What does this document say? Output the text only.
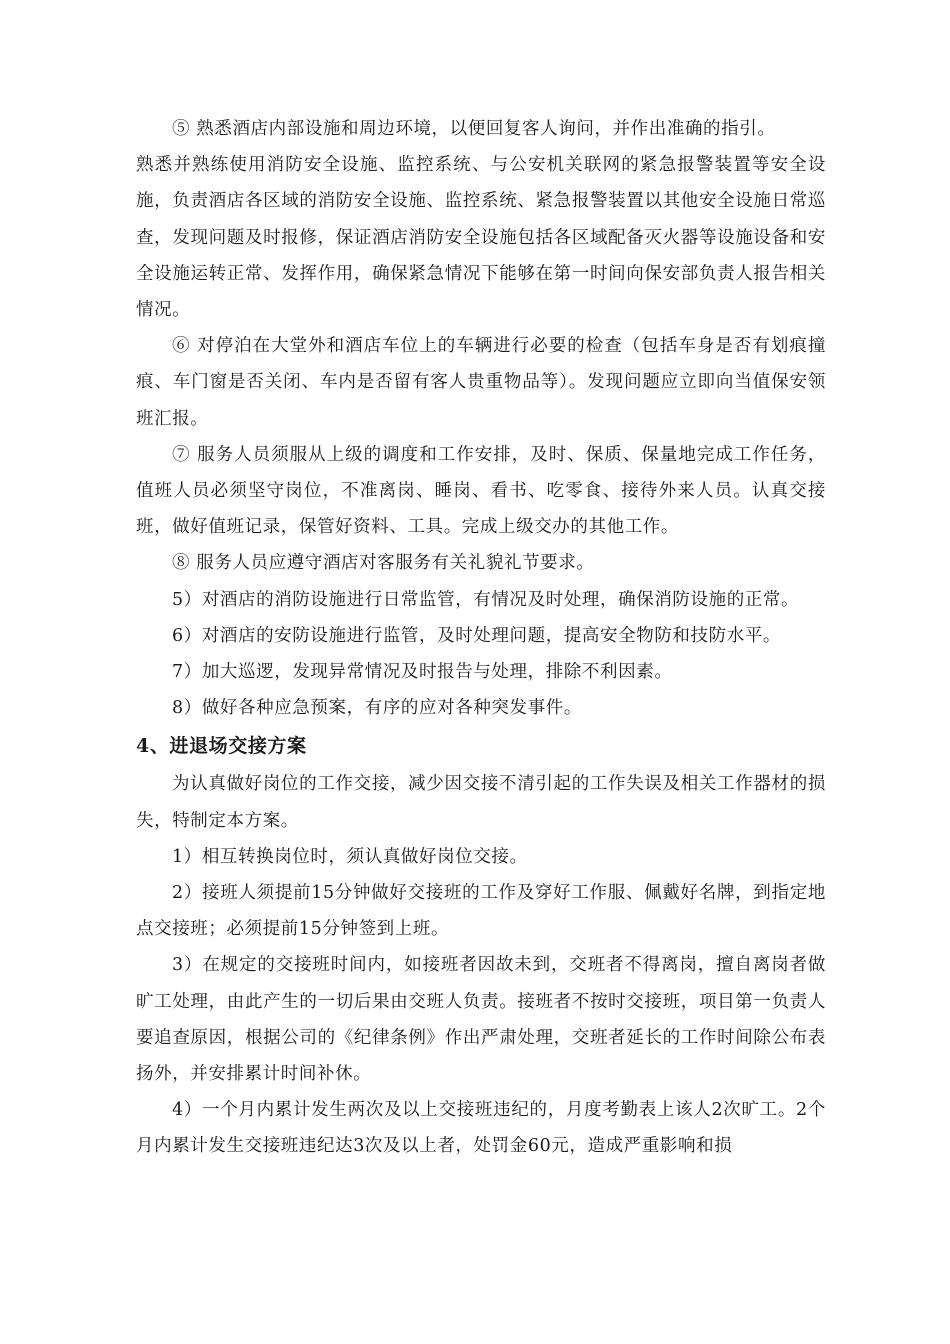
⑤ 熟悉酒店内部设施和周边环境，以便回复客人询问，并作出准确的指引。

熟悉并熟练使用消防安全设施、监控系统、与公安机关联网的紧急报警装置等安全设施，负责酒店各区域的消防安全设施、监控系统、紧急报警装置以其他安全设施日常巡查，发现问题及时报修，保证酒店消防安全设施包括各区域配备灭火器等设施设备和安全设施运转正常、发挥作用，确保紧急情况下能够在第一时间向保安部负责人报告相关情况。

⑥ 对停泊在大堂外和酒店车位上的车辆进行必要的检查（包括车身是否有划痕撞痕、车门窗是否关闭、车内是否留有客人贵重物品等）。发现问题应立即向当值保安领班汇报。

⑦ 服务人员须服从上级的调度和工作安排，及时、保质、保量地完成工作任务，值班人员必须坚守岗位，不准离岗、睡岗、看书、吃零食、接待外来人员。认真交接班，做好值班记录，保管好资料、工具。完成上级交办的其他工作。

⑧ 服务人员应遵守酒店对客服务有关礼貌礼节要求。

5）对酒店的消防设施进行日常监管，有情况及时处理，确保消防设施的正常。

6）对酒店的安防设施进行监管，及时处理问题，提高安全物防和技防水平。

7）加大巡逻，发现异常情况及时报告与处理，排除不利因素。

8）做好各种应急预案，有序的应对各种突发事件。

4、进退场交接方案

为认真做好岗位的工作交接，减少因交接不清引起的工作失误及相关工作器材的损失，特制定本方案。

1）相互转换岗位时，须认真做好岗位交接。

2）接班人须提前15分钟做好交接班的工作及穿好工作服、佩戴好名牌，到指定地点交接班；必须提前15分钟签到上班。

3）在规定的交接班时间内，如接班者因故未到，交班者不得离岗，擅自离岗者做旷工处理，由此产生的一切后果由交班人负责。接班者不按时交接班，项目第一负责人要追查原因，根据公司的《纪律条例》作出严肃处理，交班者延长的工作时间除公布表扬外，并安排累计时间补休。

4）一个月内累计发生两次及以上交接班违纪的，月度考勤表上该人2次旷工。2个月内累计发生交接班违纪达3次及以上者，处罚金60元，造成严重影响和损
